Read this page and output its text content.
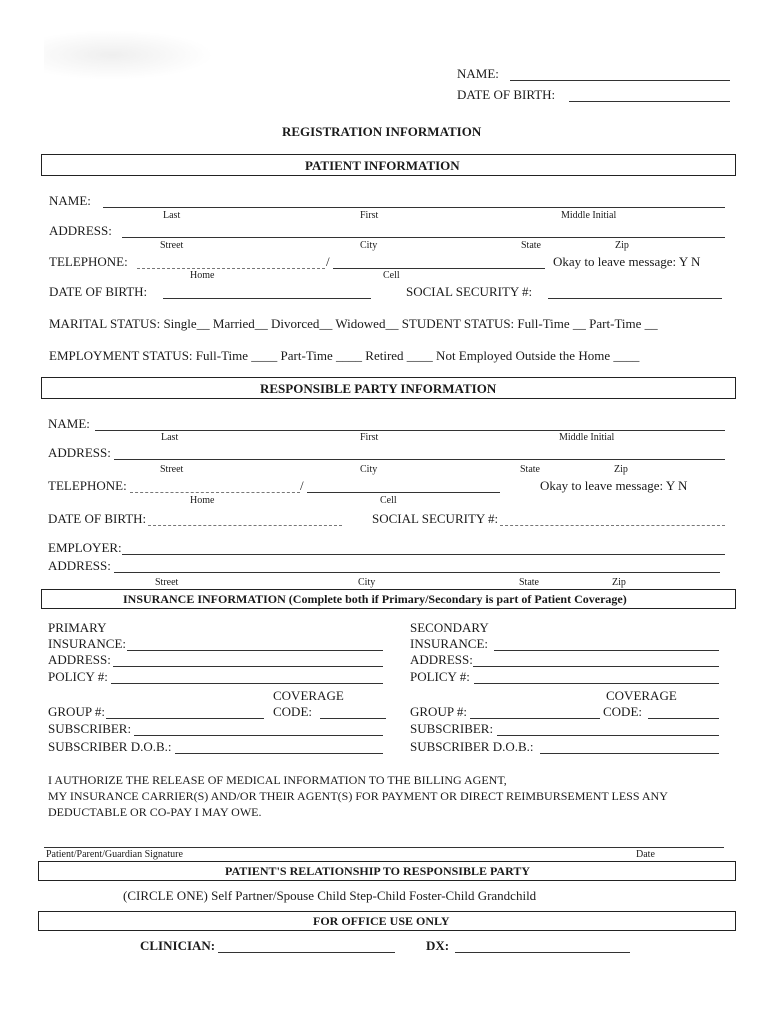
NAME:
DATE OF BIRTH:
REGISTRATION INFORMATION
PATIENT INFORMATION
NAME:
Last	First	Middle Initial
ADDRESS:
Street	City	State	Zip
TELEPHONE:	/	Okay to leave message: Y N
Home	Cell
DATE OF BIRTH:	SOCIAL SECURITY #:
MARITAL STATUS: Single__ Married__ Divorced__ Widowed__ STUDENT STATUS: Full-Time __ Part-Time __
EMPLOYMENT STATUS: Full-Time ____ Part-Time ____ Retired ____ Not Employed Outside the Home ____
RESPONSIBLE PARTY INFORMATION
NAME:
Last	First	Middle Initial
ADDRESS:
Street	City	State	Zip
TELEPHONE:	/	Okay to leave message: Y N
Home	Cell
DATE OF BIRTH:	SOCIAL SECURITY #:
EMPLOYER:
ADDRESS:
Street	City	State	Zip
INSURANCE INFORMATION (Complete both if Primary/Secondary is part of Patient Coverage)
PRIMARY
INSURANCE:
ADDRESS:
POLICY #:
COVERAGE
GROUP #:	CODE:
SUBSCRIBER:
SUBSCRIBER D.O.B.:
SECONDARY
INSURANCE:
ADDRESS:
POLICY #:
COVERAGE
GROUP #:	CODE:
SUBSCRIBER:
SUBSCRIBER D.O.B.:
I AUTHORIZE THE RELEASE OF MEDICAL INFORMATION TO THE BILLING AGENT,
MY INSURANCE CARRIER(S) AND/OR THEIR AGENT(S) FOR PAYMENT OR DIRECT REIMBURSEMENT LESS ANY
DEDUCTABLE OR CO-PAY I MAY OWE.
Patient/Parent/Guardian Signature	Date
PATIENT'S RELATIONSHIP TO RESPONSIBLE PARTY
(CIRCLE ONE) Self Partner/Spouse Child Step-Child Foster-Child Grandchild
FOR OFFICE USE ONLY
CLINICIAN:	DX:
